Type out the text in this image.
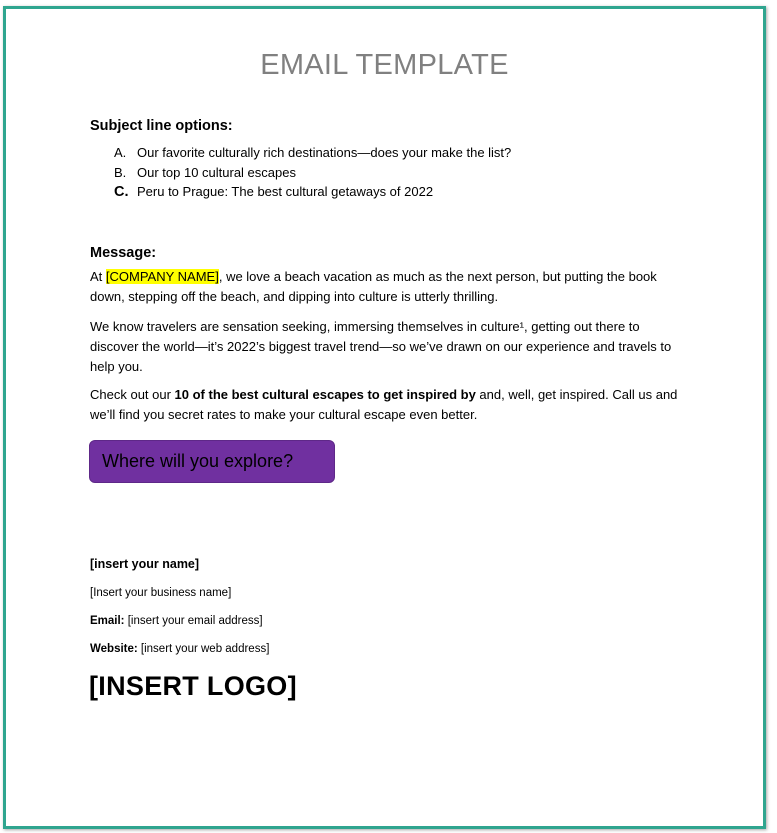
EMAIL TEMPLATE
Subject line options:
A. Our favorite culturally rich destinations—does your make the list?
B. Our top 10 cultural escapes
C. Peru to Prague: The best cultural getaways of 2022
Message:

At [COMPANY NAME], we love a beach vacation as much as the next person, but putting the book down, stepping off the beach, and dipping into culture is utterly thrilling.

We know travelers are sensation seeking, immersing themselves in culture¹, getting out there to discover the world—it’s 2022’s biggest travel trend—so we’ve drawn on our experience and travels to help you.

Check out our 10 of the best cultural escapes to get inspired by and, well, get inspired. Call us and we’ll find you secret rates to make your cultural escape even better.

Where will you explore?
[insert your name]
[Insert your business name]
Email: [insert your email address]
Website: [insert your web address]
[INSERT LOGO]
